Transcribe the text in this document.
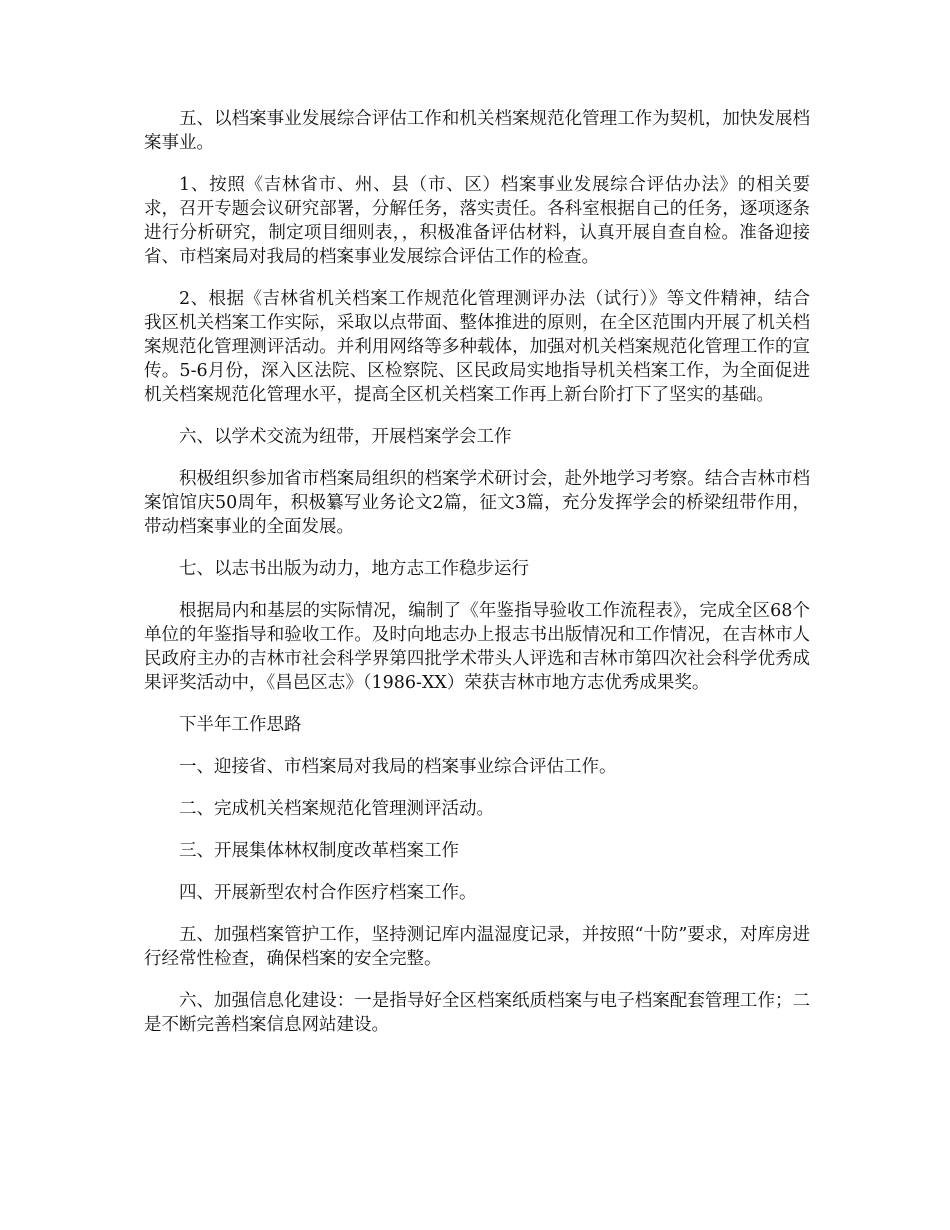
五、以档案事业发展综合评估工作和机关档案规范化管理工作为契机，加快发展档案事业。

1、按照《吉林省市、州、县（市、区）档案事业发展综合评估办法》的相关要求，召开专题会议研究部署，分解任务，落实责任。各科室根据自己的任务，逐项逐条进行分析研究，制定项目细则表，，积极准备评估材料，认真开展自查自检。准备迎接省、市档案局对我局的档案事业发展综合评估工作的检查。

2、根据《吉林省机关档案工作规范化管理测评办法（试行）》等文件精神，结合我区机关档案工作实际，采取以点带面、整体推进的原则，在全区范围内开展了机关档案规范化管理测评活动。并利用网络等多种载体，加强对机关档案规范化管理工作的宣传。5-6月份，深入区法院、区检察院、区民政局实地指导机关档案工作，为全面促进机关档案规范化管理水平，提高全区机关档案工作再上新台阶打下了坚实的基础。

六、以学术交流为纽带，开展档案学会工作

积极组织参加省市档案局组织的档案学术研讨会，赴外地学习考察。结合吉林市档案馆馆庆50周年，积极纂写业务论文2篇，征文3篇，充分发挥学会的桥梁纽带作用，带动档案事业的全面发展。

七、以志书出版为动力，地方志工作稳步运行

根据局内和基层的实际情况，编制了《年鉴指导验收工作流程表》，完成全区68个单位的年鉴指导和验收工作。及时向地志办上报志书出版情况和工作情况，在吉林市人民政府主办的吉林市社会科学界第四批学术带头人评选和吉林市第四次社会科学优秀成果评奖活动中，《昌邑区志》（1986-XX）荣获吉林市地方志优秀成果奖。

下半年工作思路

一、迎接省、市档案局对我局的档案事业综合评估工作。

二、完成机关档案规范化管理测评活动。

三、开展集体林权制度改革档案工作

四、开展新型农村合作医疗档案工作。

五、加强档案管护工作，坚持测记库内温湿度记录，并按照“十防”要求，对库房进行经常性检查，确保档案的安全完整。

六、加强信息化建设：一是指导好全区档案纸质档案与电子档案配套管理工作；二是不断完善档案信息网站建设。
